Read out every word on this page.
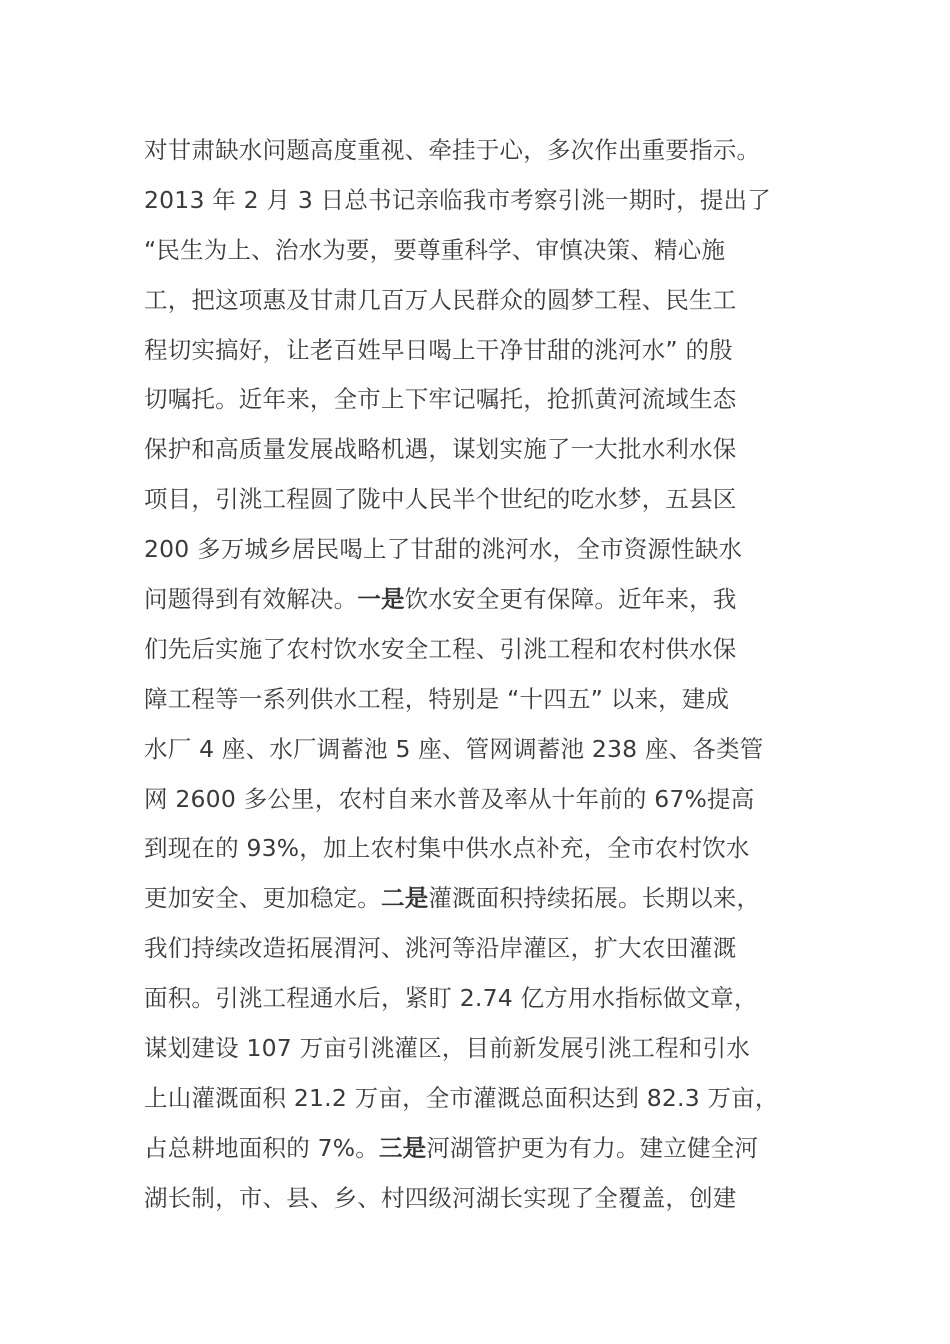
对甘肃缺水问题高度重视、牵挂于心，多次作出重要指示。
2013 年 2 月 3 日总书记亲临我市考察引洮一期时，提出了
“民生为上、治水为要，要尊重科学、审慎决策、精心施
工，把这项惠及甘肃几百万人民群众的圆梦工程、民生工
程切实搞好，让老百姓早日喝上干净甘甜的洮河水” 的殷
切嘱托。近年来，全市上下牢记嘱托，抢抓黄河流域生态
保护和高质量发展战略机遇，谋划实施了一大批水利水保
项目，引洮工程圆了陇中人民半个世纪的吃水梦，五县区
200 多万城乡居民喝上了甘甜的洮河水，全市资源性缺水
问题得到有效解决。一是饮水安全更有保障。近年来，我
们先后实施了农村饮水安全工程、引洮工程和农村供水保
障工程等一系列供水工程，特别是 “十四五” 以来，建成
水厂 4 座、水厂调蓄池 5 座、管网调蓄池 238 座、各类管
网 2600 多公里，农村自来水普及率从十年前的 67%提高
到现在的 93%，加上农村集中供水点补充，全市农村饮水
更加安全、更加稳定。二是灌溉面积持续拓展。长期以来，
我们持续改造拓展渭河、洮河等沿岸灌区，扩大农田灌溉
面积。引洮工程通水后，紧盯 2.74 亿方用水指标做文章，
谋划建设 107 万亩引洮灌区，目前新发展引洮工程和引水
上山灌溉面积 21.2 万亩，全市灌溉总面积达到 82.3 万亩，
占总耕地面积的 7%。三是河湖管护更为有力。建立健全河
湖长制，市、县、乡、村四级河湖长实现了全覆盖，创建
